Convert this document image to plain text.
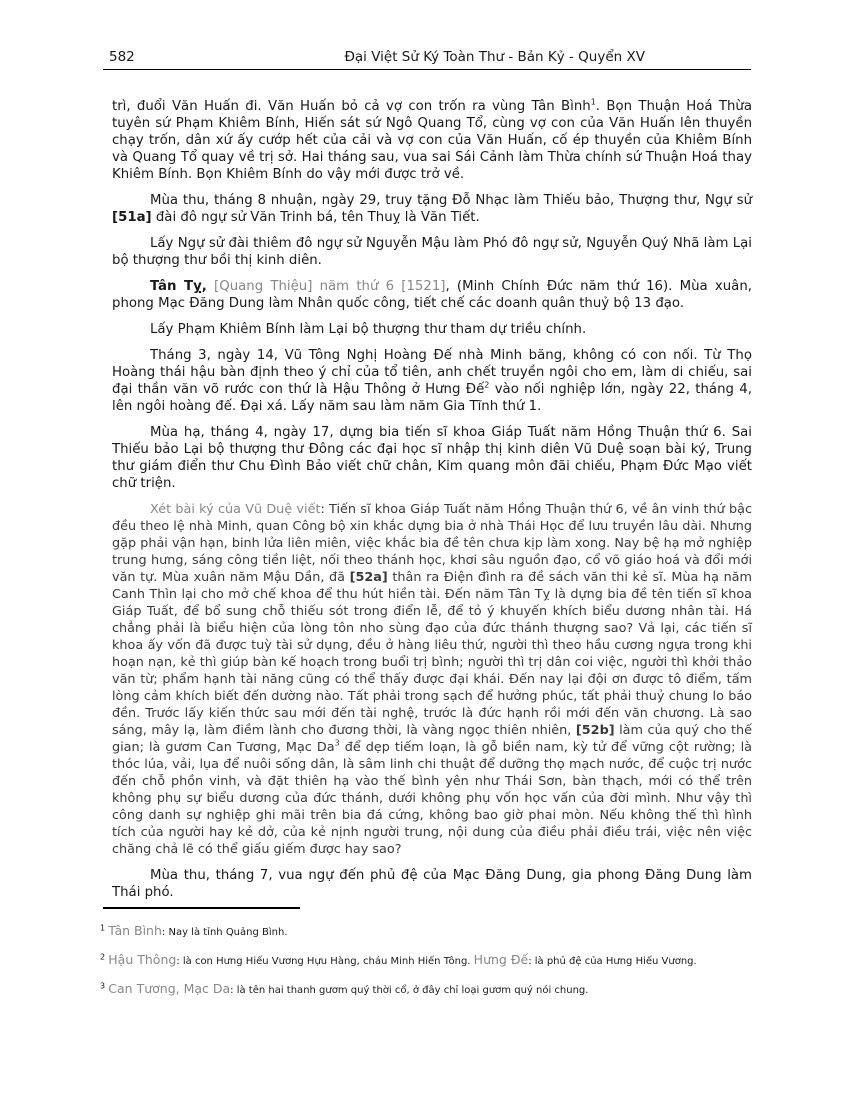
582	Đại Việt Sử Ký Toàn Thư - Bản Kỷ - Quyển XV

trì, đuổi Văn Huấn đi. Văn Huấn bỏ cả vợ con trốn ra vùng Tân Bình$^1$. Bọn Thuận Hoá Thừa tuyên sứ Phạm Khiêm Bính, Hiến sát sứ Ngô Quang Tổ, cùng vợ con của Văn Huấn lên thuyền chạy trốn, dân xứ ấy cướp hết của cải và vợ con của Văn Huấn, cố ép thuyền của Khiêm Bính và Quang Tổ quay về trị sở. Hai tháng sau, vua sai Sái Cảnh làm Thừa chính sứ Thuận Hoá thay Khiêm Bính. Bọn Khiêm Bính do vậy mới được trở về.

Mùa thu, tháng 8 nhuận, ngày 29, truy tặng Đỗ Nhạc làm Thiếu bảo, Thượng thư, Ngự sử [51a] đài đô ngự sử Văn Trinh bá, tên Thuỵ là Văn Tiết.

Lấy Ngự sử đài thiêm đô ngự sử Nguyễn Mậu làm Phó đô ngự sử, Nguyễn Quý Nhã làm Lại bộ thượng thư bồi thị kinh diên.

Tân Tỵ, [Quang Thiệu] năm thứ 6 [1521], (Minh Chính Đức năm thứ 16). Mùa xuân, phong Mạc Đăng Dung làm Nhân quốc công, tiết chế các doanh quân thuỷ bộ 13 đạo.

Lấy Phạm Khiêm Bính làm Lại bộ thượng thư tham dự triều chính.

Tháng 3, ngày 14, Vũ Tông Nghị Hoàng Đế nhà Minh băng, không có con nối. Từ Thọ Hoàng thái hậu bàn định theo ý chỉ của tổ tiên, anh chết truyền ngôi cho em, làm di chiếu, sai đại thần văn võ rước con thứ là Hậu Thông ở Hưng Đế$^2$ vào nối nghiệp lớn, ngày 22, tháng 4, lên ngôi hoàng đế. Đại xá. Lấy năm sau làm năm Gia Tĩnh thứ 1.

Mùa hạ, tháng 4, ngày 17, dựng bia tiến sĩ khoa Giáp Tuất năm Hồng Thuận thứ 6. Sai Thiếu bảo Lại bộ thượng thư Đông các đại học sĩ nhập thị kinh diên Vũ Duệ soạn bài ký, Trung thư giám điển thư Chu Đình Bảo viết chữ chân, Kim quang môn đãi chiếu, Phạm Đức Mạo viết chữ triện.

Xét bài ký của Vũ Duệ viết: Tiến sĩ khoa Giáp Tuất năm Hồng Thuận thứ 6, về ân vinh thứ bậc đều theo lệ nhà Minh, quan Công bộ xin khắc dựng bia ở nhà Thái Học để lưu truyền lâu dài. Nhưng gặp phải vận hạn, binh lửa liên miên, việc khắc bia đề tên chưa kịp làm xong. Nay bệ hạ mở nghiệp trung hưng, sáng công tiền liệt, nối theo thánh học, khơi sâu nguồn đạo, cổ võ giáo hoá và đổi mới văn tự. Mùa xuân năm Mậu Dần, đã [52a] thân ra Điện đình ra đề sách văn thi kẻ sĩ. Mùa hạ năm Canh Thìn lại cho mở chế khoa để thu hút hiền tài. Đến năm Tân Tỵ là dựng bia đề tên tiến sĩ khoa Giáp Tuất, để bổ sung chỗ thiếu sót trong điển lễ, để tỏ ý khuyến khích biểu dương nhân tài. Há chẳng phải là biểu hiện của lòng tôn nho sùng đạo của đức thánh thượng sao? Vả lại, các tiến sĩ khoa ấy vốn đã được tuỳ tài sử dụng, đều ở hàng liêu thứ, người thì theo hầu cương ngựa trong khi hoạn nạn, kẻ thì giúp bàn kế hoạch trong buổi trị bình; người thì trị dân coi việc, người thì khởi thảo văn từ; phẩm hạnh tài năng cũng có thể thấy được đại khái. Đến nay lại đội ơn được tô điểm, tấm lòng cảm khích biết đến dường nào. Tất phải trong sạch để hưởng phúc, tất phải thuỷ chung lo báo đền. Trước lấy kiến thức sau mới đến tài nghệ, trước là đức hạnh rồi mới đến văn chương. Là sao sáng, mây lạ, làm điềm lành cho đương thời, là vàng ngọc thiên nhiên, [52b] làm của quý cho thế gian; là gươm Can Tương, Mạc Da$^3$ để dẹp tiếm loạn, là gỗ biền nam, kỳ tử để vững cột rường; là thóc lúa, vải, lụa để nuôi sống dân, là sâm linh chi thuật để dưỡng thọ mạch nước, để cuộc trị nước đến chỗ phồn vinh, và đặt thiên hạ vào thế bình yên như Thái Sơn, bàn thạch, mới có thể trên không phụ sự biểu dương của đức thánh, dưới không phụ vốn học vấn của đời mình. Như vậy thì công danh sự nghiệp ghi mãi trên bia đá cứng, không bao giờ phai mòn. Nếu không thế thì hình tích của người hay kẻ dở, của kẻ nịnh người trung, nội dung của điều phải điều trái, việc nên việc chăng chả lẽ có thể giấu giếm được hay sao?

Mùa thu, tháng 7, vua ngự đến phủ đệ của Mạc Đăng Dung, gia phong Đăng Dung làm Thái phó.

$^1$ Tân Bình: Nay là tỉnh Quảng Bình.
$^2$ Hậu Thông: là con Hưng Hiếu Vương Hựu Hàng, cháu Minh Hiến Tông. Hưng Đế: là phủ đệ của Hưng Hiếu Vương.
$^3$ Can Tương, Mạc Da: là tên hai thanh gươm quý thời cổ, ở đây chỉ loại gươm quý nói chung.
